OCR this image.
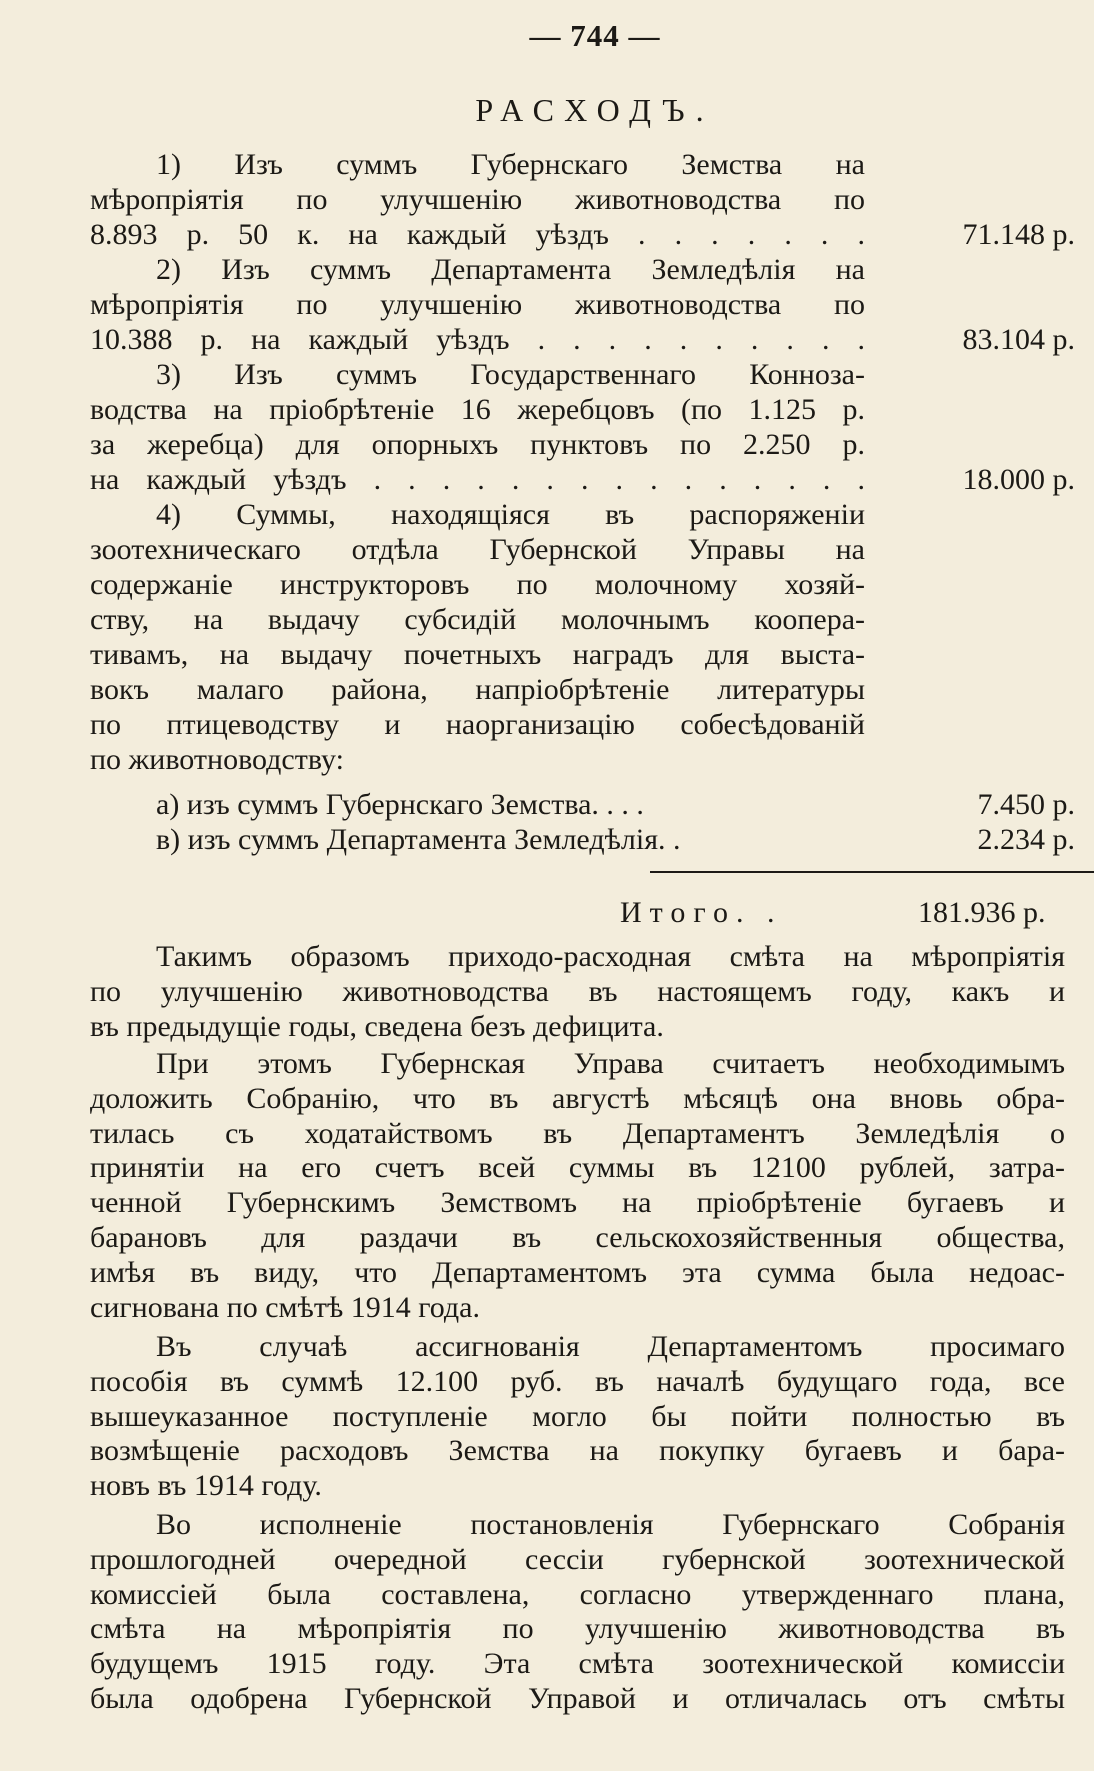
— 744 —
РАСХОДЪ.
1) Изъ суммъ Губернскаго Земства на
мѣропріятія по улучшенію животноводства по
8.893 р. 50 к. на каждый уѣздъ . . . . . . .	71.148 р.
2) Изъ суммъ Департамента Земледѣлія на
мѣропріятія по улучшенію животноводства по
10.388 р. на каждый уѣздъ . . . . . . . . . .	83.104 р.
3) Изъ суммъ Государственнаго Конноза-
водства на пріобрѣтеніе 16 жеребцовъ (по 1.125 р.
за жеребца) для опорныхъ пунктовъ по 2.250 р.
на каждый уѣздъ . . . . . . . . . . . . . . .	18.000 р.
4) Суммы, находящіяся въ распоряженіи
зоотехническаго отдѣла Губернской Управы на
содержаніе инструкторовъ по молочному хозяй-
ству, на выдачу субсидій молочнымъ коопера-
тивамъ, на выдачу почетныхъ наградъ для выста-
вокъ малаго района, напріобрѣтеніе литературы
по птицеводству и наорганизацію собесѣдованій
по животноводству:
а) изъ суммъ Губернскаго Земства. . . .	7.450 р.
в) изъ суммъ Департамента Земледѣлія. .	2.234 р.
Итого. .	181.936 р.
Такимъ образомъ приходо-расходная смѣта на мѣропріятія
по улучшенію животноводства въ настоящемъ году, какъ и
въ предыдущіе годы, сведена безъ дефицита.
При этомъ Губернская Управа считаетъ необходимымъ
доложить Собранію, что въ августѣ мѣсяцѣ она вновь обра-
тилась съ ходатайствомъ въ Департаментъ Земледѣлія о
принятіи на его счетъ всей суммы въ 12100 рублей, затра-
ченной Губернскимъ Земствомъ на пріобрѣтеніе бугаевъ и
барановъ для раздачи въ сельскохозяйственныя общества,
имѣя въ виду, что Департаментомъ эта сумма была недоас-
сигнована по смѣтѣ 1914 года.
Въ случаѣ ассигнованія Департаментомъ просимаго
пособія въ суммѣ 12.100 руб. въ началѣ будущаго года, все
вышеуказанное поступленіе могло бы пойти полностью въ
возмѣщеніе расходовъ Земства на покупку бугаевъ и бара-
новъ въ 1914 году.
Во исполненіе постановленія Губернскаго Собранія
прошлогодней очередной сессіи губернской зоотехнической
комиссіей была составлена, согласно утвержденнаго плана,
смѣта на мѣропріятія по улучшенію животноводства въ
будущемъ 1915 году. Эта смѣта зоотехнической комиссіи
была одобрена Губернской Управой и отличалась отъ смѣты
